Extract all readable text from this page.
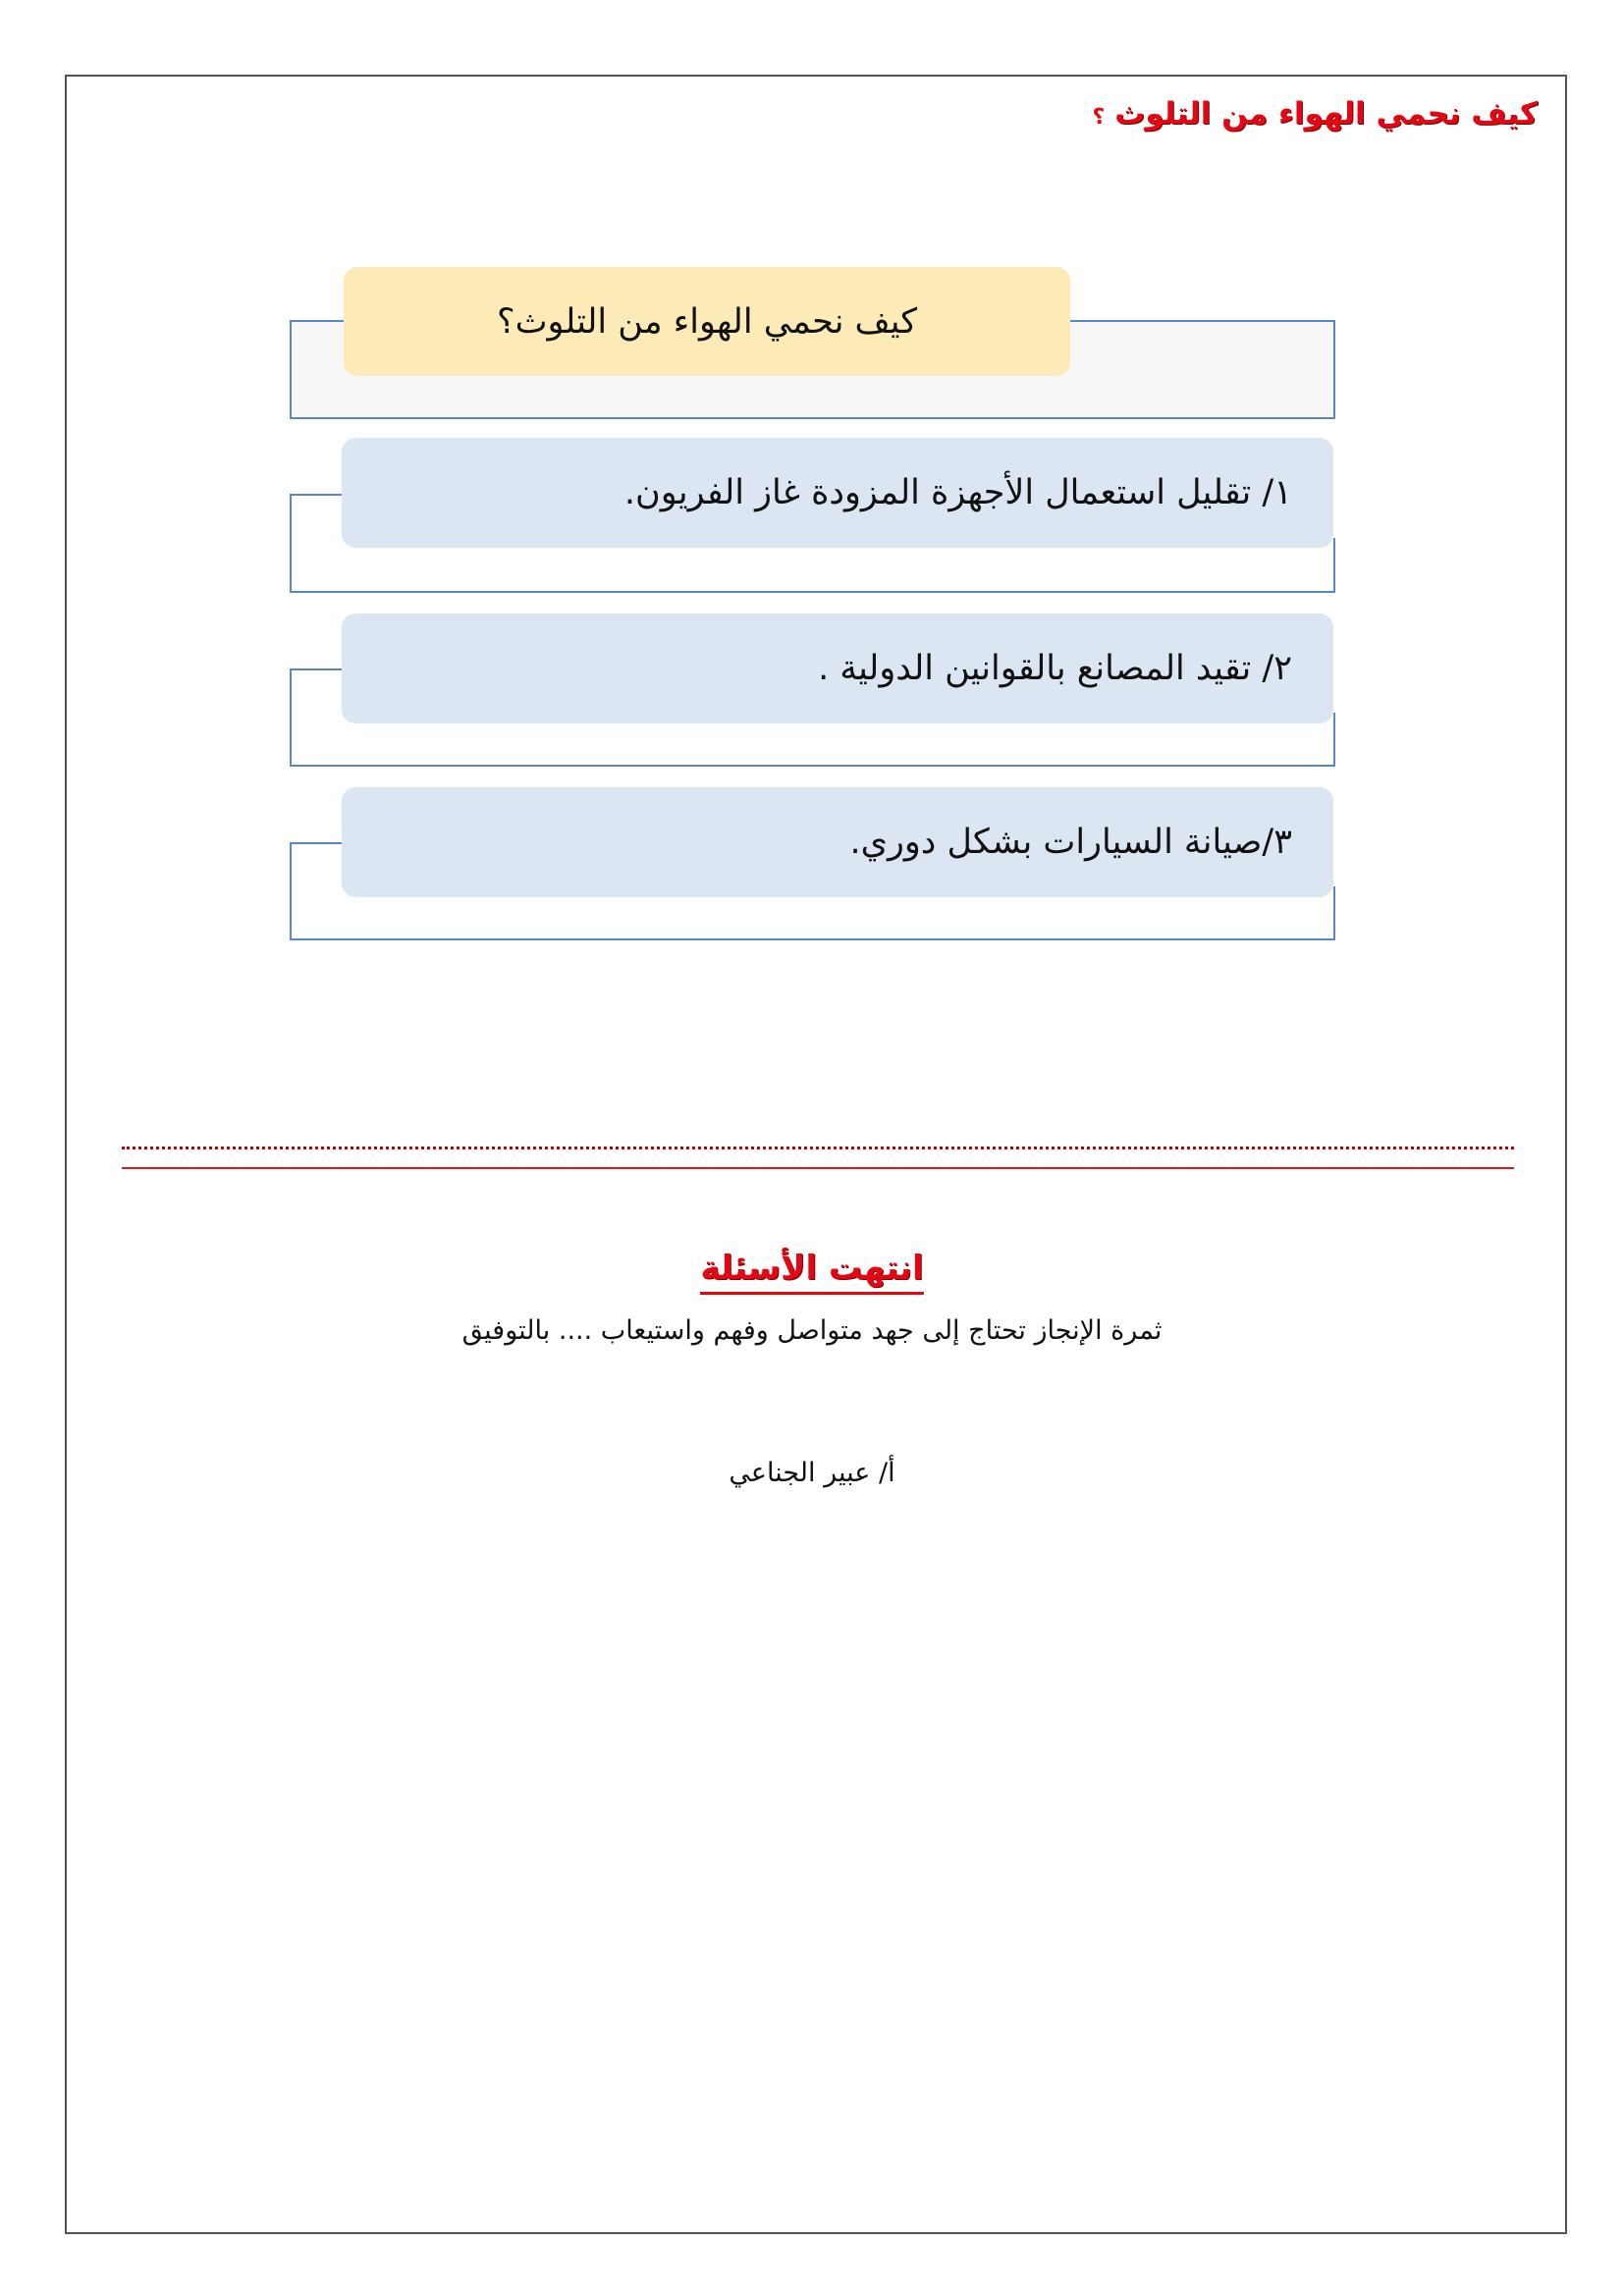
كيف نحمي الهواء من التلوث
؟
كيف نحمي الهواء من التلوث؟
١/ تقليل استعمال الأجهزة المزودة غاز الفريون.
٢/ تقيد المصانع بالقوانين الدولية .
٣/صيانة السيارات بشكل دوري.
انتهت الأسئلة
ثمرة الإنجاز تحتاج إلى جهد متواصل وفهم واستيعاب .... بالتوفيق
أ/ عبير الجناعي
